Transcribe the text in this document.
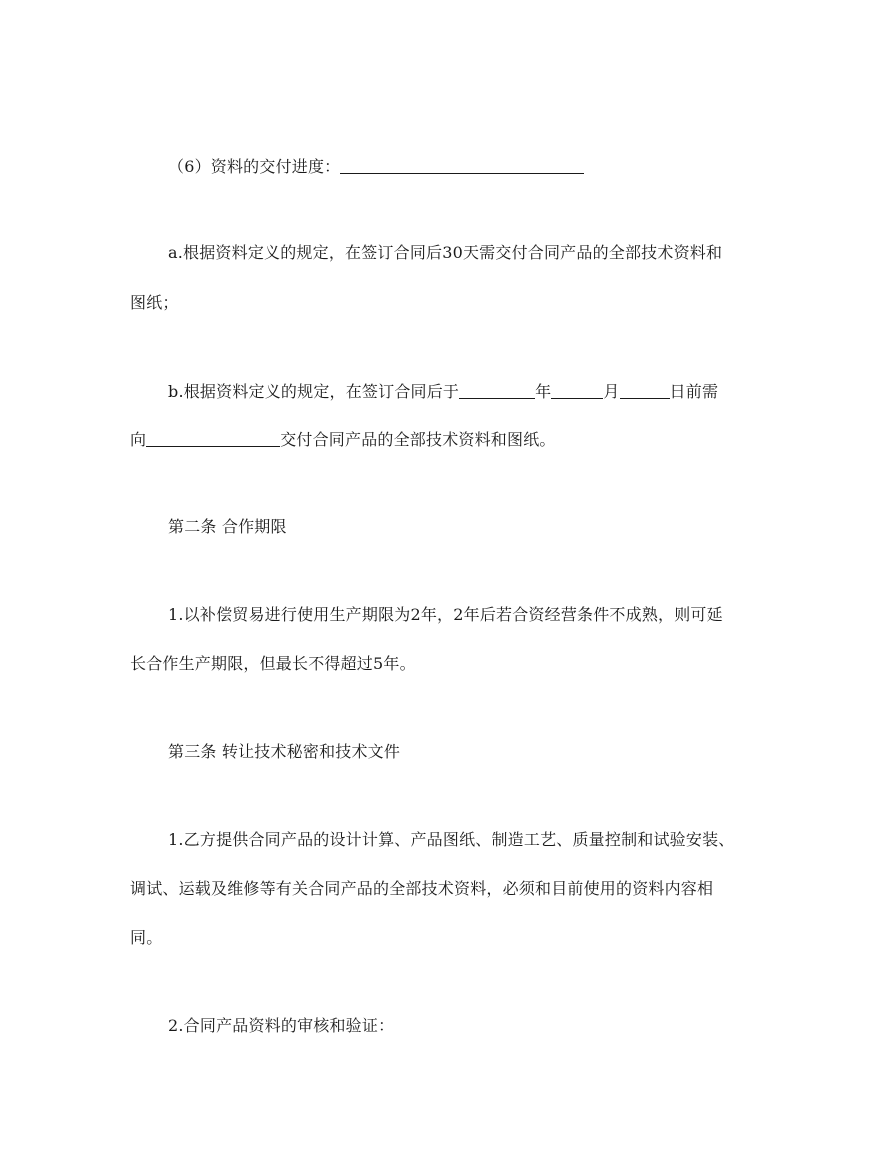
（6）资料的交付进度：
a.根据资料定义的规定，在签订合同后30天需交付合同产品的全部技术资料和
图纸；
b.根据资料定义的规定，在签订合同后于	年	月	日前需
向	交付合同产品的全部技术资料和图纸。
第二条 合作期限
1.以补偿贸易进行使用生产期限为2年，2年后若合资经营条件不成熟，则可延
长合作生产期限，但最长不得超过5年。
第三条 转让技术秘密和技术文件
1.乙方提供合同产品的设计计算、产品图纸、制造工艺、质量控制和试验安装、
调试、运载及维修等有关合同产品的全部技术资料，必须和目前使用的资料内容相
同。
2.合同产品资料的审核和验证：
